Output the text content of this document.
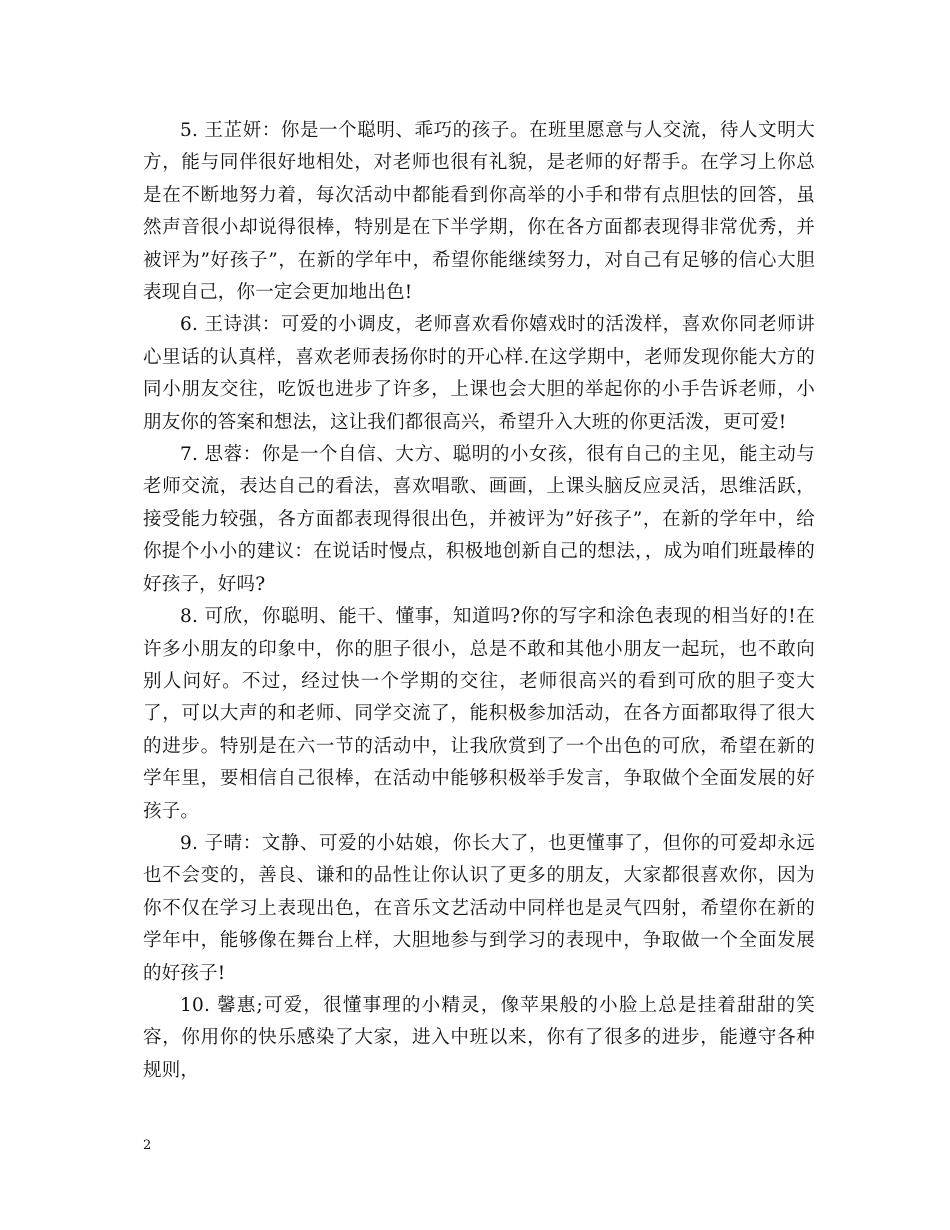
5. 王芷妍：你是一个聪明、乖巧的孩子。在班里愿意与人交流，待人文明大方，能与同伴很好地相处，对老师也很有礼貌，是老师的好帮手。在学习上你总是在不断地努力着，每次活动中都能看到你高举的小手和带有点胆怯的回答，虽然声音很小却说得很棒，特别是在下半学期，你在各方面都表现得非常优秀，并被评为”好孩子”，在新的学年中，希望你能继续努力，对自己有足够的信心大胆表现自己，你一定会更加地出色!

6. 王诗淇：可爱的小调皮，老师喜欢看你嬉戏时的活泼样，喜欢你同老师讲心里话的认真样，喜欢老师表扬你时的开心样.在这学期中，老师发现你能大方的同小朋友交往，吃饭也进步了许多，上课也会大胆的举起你的小手告诉老师，小朋友你的答案和想法，这让我们都很高兴，希望升入大班的你更活泼，更可爱!

7. 思蓉：你是一个自信、大方、聪明的小女孩，很有自己的主见，能主动与老师交流，表达自己的看法，喜欢唱歌、画画，上课头脑反应灵活，思维活跃，接受能力较强，各方面都表现得很出色，并被评为”好孩子”，在新的学年中，给你提个小小的建议：在说话时慢点，积极地创新自己的想法，，成为咱们班最棒的好孩子，好吗?

8. 可欣，你聪明、能干、懂事，知道吗?你的写字和涂色表现的相当好的!在许多小朋友的印象中，你的胆子很小，总是不敢和其他小朋友一起玩，也不敢向别人问好。不过，经过快一个学期的交往，老师很高兴的看到可欣的胆子变大了，可以大声的和老师、同学交流了，能积极参加活动，在各方面都取得了很大的进步。特别是在六一节的活动中，让我欣赏到了一个出色的可欣，希望在新的学年里，要相信自己很棒，在活动中能够积极举手发言，争取做个全面发展的好孩子。

9. 子晴：文静、可爱的小姑娘，你长大了，也更懂事了，但你的可爱却永远也不会变的，善良、谦和的品性让你认识了更多的朋友，大家都很喜欢你，因为你不仅在学习上表现出色，在音乐文艺活动中同样也是灵气四射，希望你在新的学年中，能够像在舞台上样，大胆地参与到学习的表现中，争取做一个全面发展的好孩子!

10. 馨惠;可爱，很懂事理的小精灵，像苹果般的小脸上总是挂着甜甜的笑容，你用你的快乐感染了大家，进入中班以来，你有了很多的进步，能遵守各种规则，

2
